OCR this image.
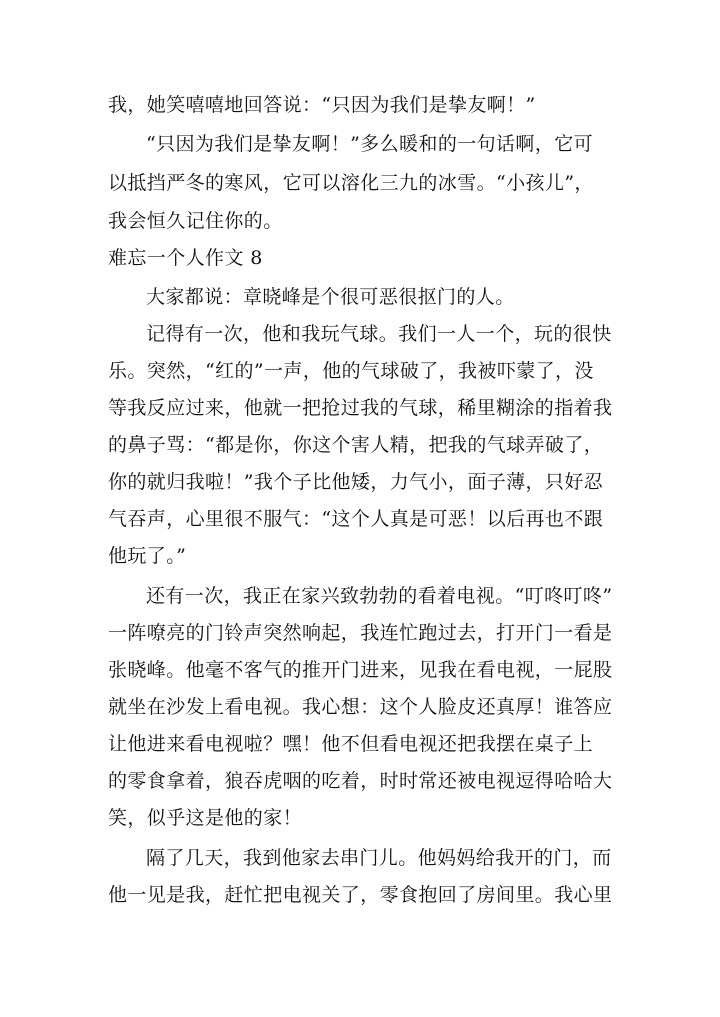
我，她笑嘻嘻地回答说：“只因为我们是挚友啊！”
“只因为我们是挚友啊！”多么暖和的一句话啊，它可
以抵挡严冬的寒风，它可以溶化三九的冰雪。“小孩儿”，
我会恒久记住你的。
难忘一个人作文 8
大家都说：章晓峰是个很可恶很抠门的人。
记得有一次，他和我玩气球。我们一人一个，玩的很快
乐。突然，“红的”一声，他的气球破了，我被吓蒙了，没
等我反应过来，他就一把抢过我的气球，稀里糊涂的指着我
的鼻子骂：“都是你，你这个害人精，把我的气球弄破了，
你的就归我啦！”我个子比他矮，力气小，面子薄，只好忍
气吞声，心里很不服气：“这个人真是可恶！以后再也不跟
他玩了。”
还有一次，我正在家兴致勃勃的看着电视。“叮咚叮咚”
一阵嘹亮的门铃声突然响起，我连忙跑过去，打开门一看是
张晓峰。他毫不客气的推开门进来，见我在看电视，一屁股
就坐在沙发上看电视。我心想：这个人脸皮还真厚！谁答应
让他进来看电视啦？嘿！他不但看电视还把我摆在桌子上
的零食拿着，狼吞虎咽的吃着，时时常还被电视逗得哈哈大
笑，似乎这是他的家！
隔了几天，我到他家去串门儿。他妈妈给我开的门，而
他一见是我，赶忙把电视关了，零食抱回了房间里。我心里
